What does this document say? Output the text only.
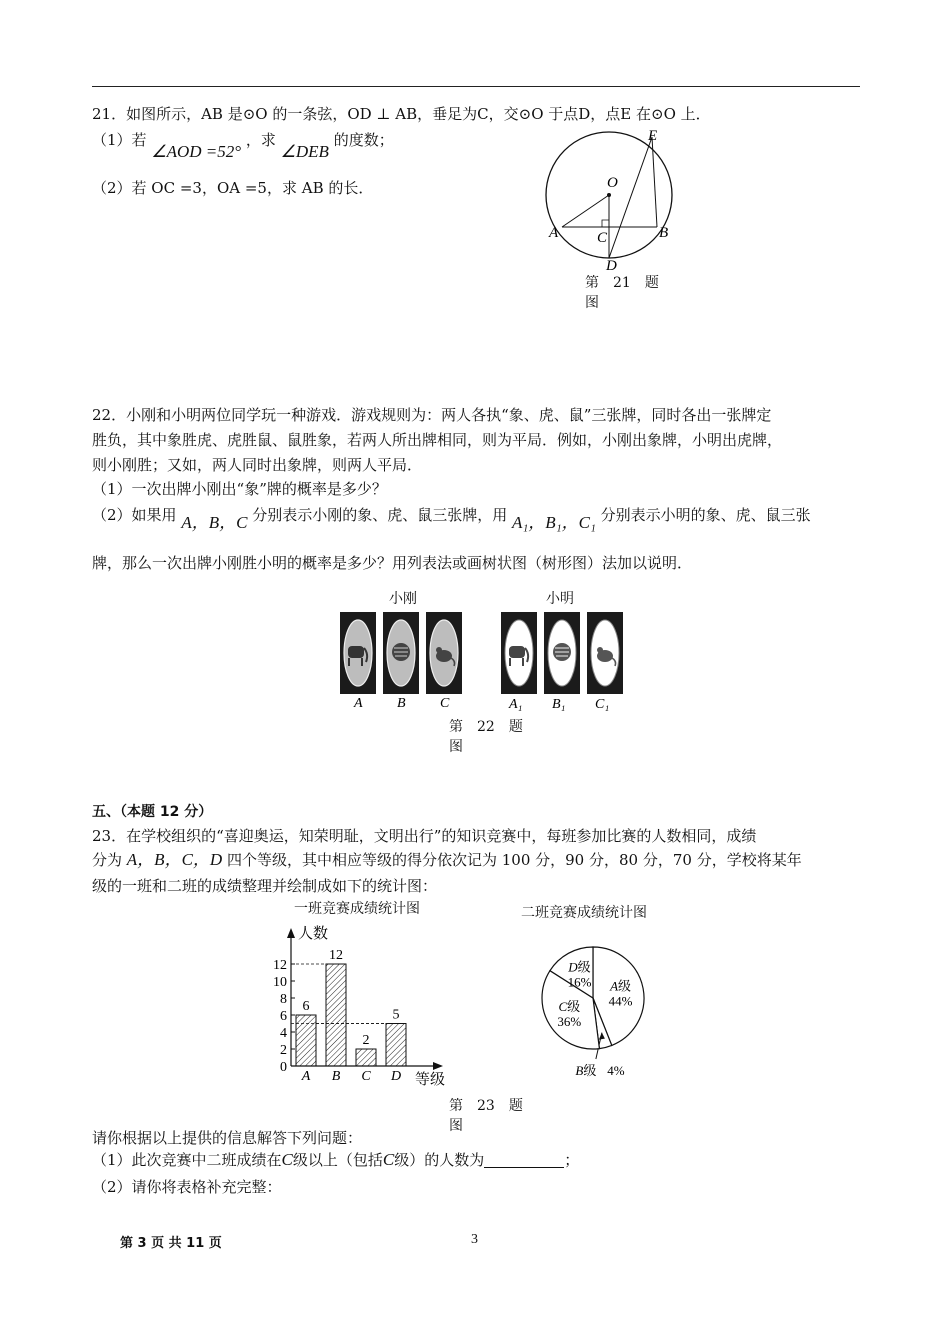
21．如图所示，AB 是⊙O 的一条弦，OD ⊥ AB，垂足为C，交⊙O 于点D，点E 在⊙O 上．
（1）若 ∠AOD =52° ，求 ∠DEB 的度数；
（2）若 OC =3，OA =5，求 AB 的长．
E
O
A	C	B
D
第　21　题
图
22．小刚和小明两位同学玩一种游戏．游戏规则为：两人各执“象、虎、鼠”三张牌，同时各出一张牌定
胜负，其中象胜虎、虎胜鼠、鼠胜象，若两人所出牌相同，则为平局．例如，小刚出象牌，小明出虎牌，
则小刚胜；又如，两人同时出象牌，则两人平局．
（1）一次出牌小刚出“象”牌的概率是多少？
（2）如果用 A，B，C 分别表示小刚的象、虎、鼠三张牌，用 A₁，B₁，C₁ 分别表示小明的象、虎、鼠三张
牌，那么一次出牌小刚胜小明的概率是多少？用列表法或画树状图（树形图）法加以说明．
小刚	小明
A B C	A₁ B₁ C₁
第　22　题
图
五、（本题 12 分）
23．在学校组织的“喜迎奥运，知荣明耻，文明出行”的知识竞赛中，每班参加比赛的人数相同，成绩
分为 A，B，C，D 四个等级，其中相应等级的得分依次记为 100 分，90 分，80 分，70 分，学校将某年
级的一班和二班的成绩整理并绘制成如下的统计图：
一班竞赛成绩统计图	二班竞赛成绩统计图
0
2
4
6
8
10
12
6
A
12
B
2
C
5
D
人数
等级
A级
44%
B级 4%
C级
36%
D级
16%
第　23　题
图
请你根据以上提供的信息解答下列问题：
（1）此次竞赛中二班成绩在C级以上（包括C级）的人数为	；
（2）请你将表格补充完整：
第 3 页 共 11 页	3
